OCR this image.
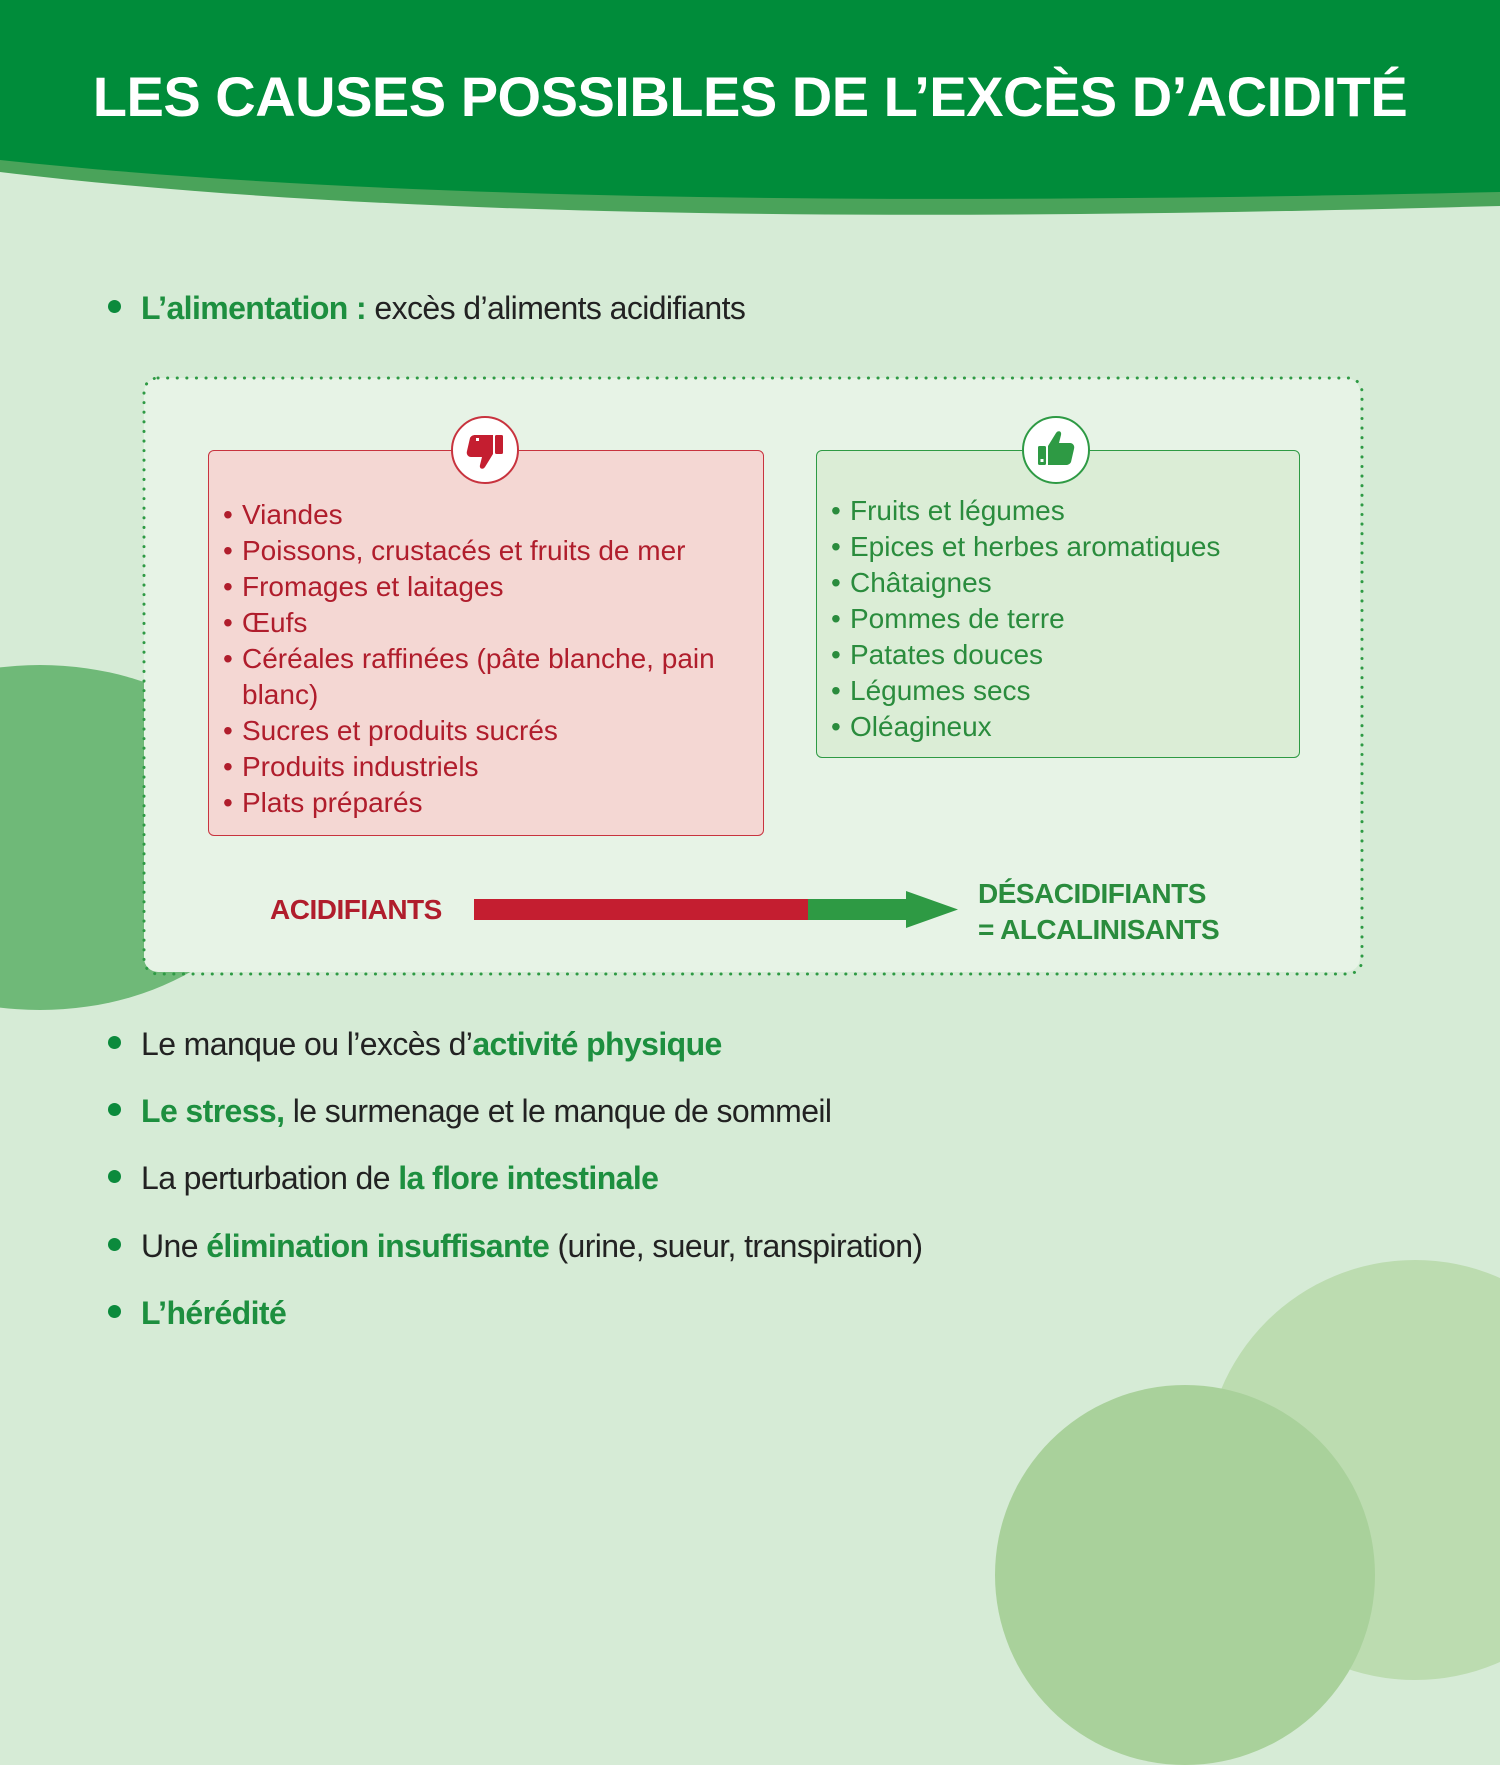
LES CAUSES POSSIBLES DE L’EXCÈS D’ACIDITÉ
L’alimentation : excès d’aliments acidifiants
• Viandes
• Poissons, crustacés et fruits de mer
• Fromages et laitages
• Œufs
• Céréales raffinées (pâte blanche, pain blanc)
• Sucres et produits sucrés
• Produits industriels
• Plats préparés
• Fruits et légumes
• Epices et herbes aromatiques
• Châtaignes
• Pommes de terre
• Patates douces
• Légumes secs
• Oléagineux
ACIDIFIANTS
DÉSACIDIFIANTS
= ALCALINISANTS
Le manque ou l’excès d’activité physique
Le stress, le surmenage et le manque de sommeil
La perturbation de la flore intestinale
Une élimination insuffisante (urine, sueur, transpiration)
L’hérédité
